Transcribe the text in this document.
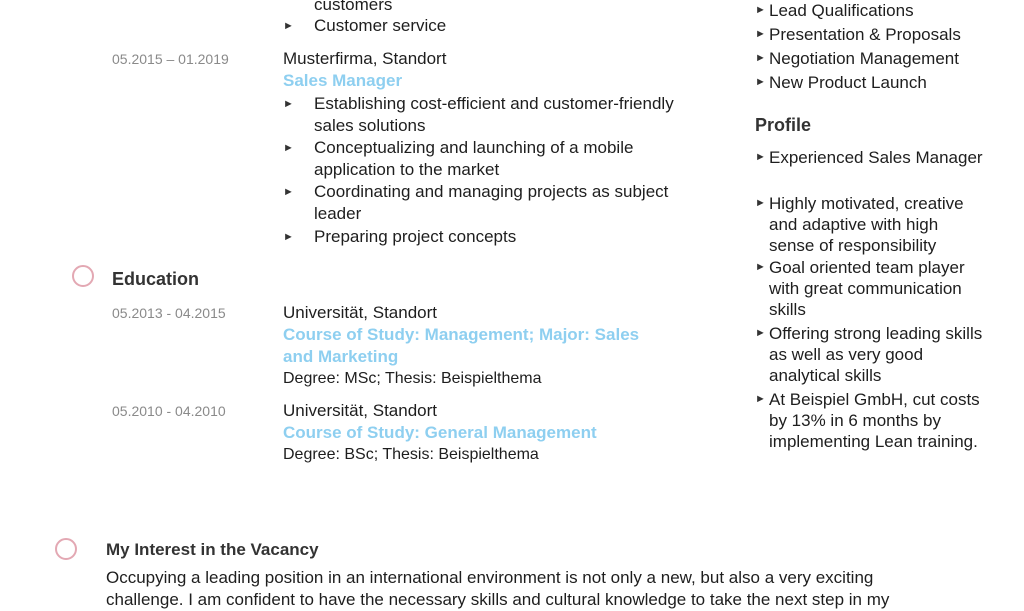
customers
► Customer service
05.2015 – 01.2019	Musterfirma, Standort
Sales Manager
► Establishing cost-efficient and customer-friendly sales solutions
► Conceptualizing and launching of a mobile application to the market
► Coordinating and managing projects as subject leader
► Preparing project concepts
Education
05.2013 - 04.2015	Universität, Standort
Course of Study: Management; Major: Sales
and Marketing
Degree: MSc; Thesis: Beispielthema
05.2010 - 04.2010	Universität, Standort
Course of Study: General Management
Degree: BSc; Thesis: Beispielthema
► Lead Qualifications
► Presentation & Proposals
► Negotiation Management
► New Product Launch
Profile
► Experienced Sales Manager
► Highly motivated, creative and adaptive with high sense of responsibility
► Goal oriented team player with great communication skills
► Offering strong leading skills as well as very good analytical skills
► At Beispiel GmbH, cut costs by 13% in 6 months by implementing Lean training.
My Interest in the Vacancy
Occupying a leading position in an international environment is not only a new, but also a very exciting
challenge. I am confident to have the necessary skills and cultural knowledge to take the next step in my
